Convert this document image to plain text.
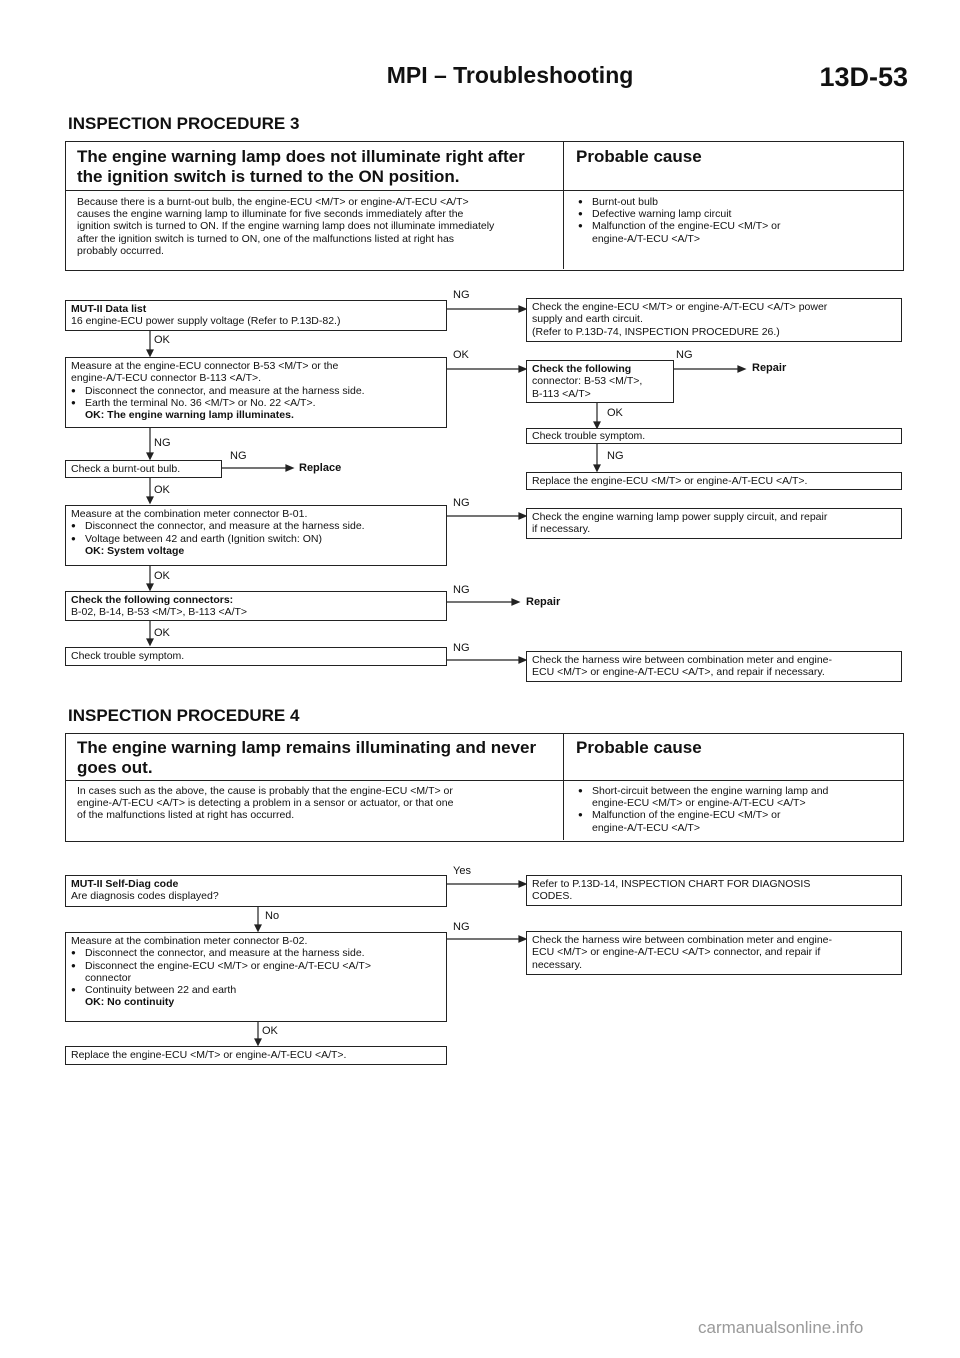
MPI – Troubleshooting	13D-53
INSPECTION PROCEDURE 3
The engine warning lamp does not illuminate right after
the ignition switch is turned to the ON position.
Probable cause
Because there is a burnt-out bulb, the engine-ECU <M/T> or engine-A/T-ECU <A/T>
causes the engine warning lamp to illuminate for five seconds immediately after the
ignition switch is turned to ON. If the engine warning lamp does not illuminate immediately
after the ignition switch is turned to ON, one of the malfunctions listed at right has
probably occurred.
● Burnt-out bulb
● Defective warning lamp circuit
● Malfunction of the engine-ECU <M/T> or
engine-A/T-ECU <A/T>
MUT-II Data list
16 engine-ECU power supply voltage (Refer to P.13D-82.)
Measure at the engine-ECU connector B-53 <M/T> or the
engine-A/T-ECU connector B-113 <A/T>.
● Disconnect the connector, and measure at the harness side.
● Earth the terminal No. 36 <M/T> or No. 22 <A/T>.
OK: The engine warning lamp illuminates.
Check a burnt-out bulb.
Measure at the combination meter connector B-01.
● Disconnect the connector, and measure at the harness side.
● Voltage between 42 and earth (Ignition switch: ON)
OK: System voltage
Check the following connectors:
B-02, B-14, B-53 <M/T>, B-113 <A/T>
Check trouble symptom.
Check the engine-ECU <M/T> or engine-A/T-ECU <A/T> power
supply and earth circuit.
(Refer to P.13D-74, INSPECTION PROCEDURE 26.)
Check the following
connector: B-53 <M/T>,
B-113 <A/T>
Check trouble symptom.
Replace the engine-ECU <M/T> or engine-A/T-ECU <A/T>.
Check the engine warning lamp power supply circuit, and repair
if necessary.
Check the harness wire between combination meter and engine-
ECU <M/T> or engine-A/T-ECU <A/T>, and repair if necessary.
NG
OK
OK	NG
Repair
OK
NG
NG
NG
Replace
OK
NG
OK
NG
Repair
OK
NG
INSPECTION PROCEDURE 4
The engine warning lamp remains illuminating and never
goes out.
Probable cause
In cases such as the above, the cause is probably that the engine-ECU <M/T> or
engine-A/T-ECU <A/T> is detecting a problem in a sensor or actuator, or that one
of the malfunctions listed at right has occurred.
● Short-circuit between the engine warning lamp and
engine-ECU <M/T> or engine-A/T-ECU <A/T>
● Malfunction of the engine-ECU <M/T> or
engine-A/T-ECU <A/T>
MUT-II Self-Diag code
Are diagnosis codes displayed?
Measure at the combination meter connector B-02.
● Disconnect the connector, and measure at the harness side.
● Disconnect the engine-ECU <M/T> or engine-A/T-ECU <A/T>
connector
● Continuity between 22 and earth
OK: No continuity
Replace the engine-ECU <M/T> or engine-A/T-ECU <A/T>.
Refer to P.13D-14, INSPECTION CHART FOR DIAGNOSIS
CODES.
Check the harness wire between combination meter and engine-
ECU <M/T> or engine-A/T-ECU <A/T> connector, and repair if
necessary.
Yes
No
NG
OK
carmanualsonline.info
